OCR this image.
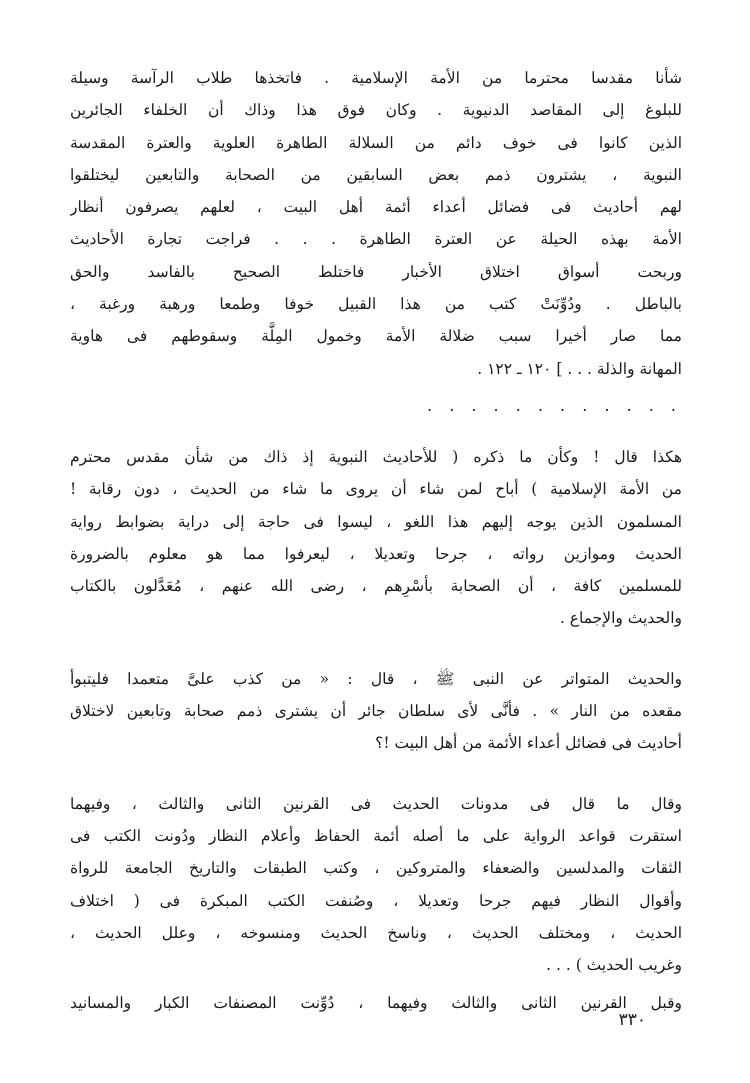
شأنا مقدسا محترما من الأمة الإسلامية . فاتخذها طلاب الرآسة وسيلة
للبلوغ إلى المقاصد الدنيوية . وكان فوق هذا وذاك أن الخلفاء الجائرين
الذين كانوا فى خوف دائم من السلالة الطاهرة العلوية والعترة المقدسة
النبوية ، يشترون ذمم بعض السابقين من الصحابة والتابعين ليختلقوا
لهم أحاديث فى فضائل أعداء أئمة أهل البيت ، لعلهم يصرفون أنظار
الأمة بهذه الحيلة عن العترة الطاهرة . . . فراجت تجارة الأحاديث
وربحت أسواق اختلاق الأخبار فاختلط الصحيح بالفاسد والحق
بالباطل . ودُوِّنَتْ كتب من هذا القبيل خوفا وطمعا ورهبة ورغبة ،
مما صار أخيرا سبب ضلالة الأمة وخمول المِلَّة وسقوطهم فى هاوية
المهانة والذلة . . . ] ١٢٠ ـ ١٢٢ .

. . . . . . . . . . . .

هكذا قال ! وكأن ما ذكره ( للأحاديث النبوية إذ ذاك من شأن مقدس محترم
من الأمة الإسلامية ) أباح لمن شاء أن يروى ما شاء من الحديث ، دون رقابة !
المسلمون الذين يوجه إليهم هذا اللغو ، ليسوا فى حاجة إلى دراية بضوابط رواية
الحديث وموازين رواته ، جرحا وتعديلا ، ليعرفوا مما هو معلوم بالضرورة
للمسلمين كافة ، أن الصحابة بأسْرِهم ، رضى الله عنهم ، مُعَدَّلون بالكتاب
والحديث والإجماع .

والحديث المتواتر عن النبى ﷺ ، قال : « من كذب علىَّ متعمدا فليتبوأ
مقعده من النار » . فأنَّى لأى سلطان جائر أن يشترى ذمم صحابة وتابعين لاختلاق
أحاديث فى فضائل أعداء الأئمة من أهل البيت !؟

وقال ما قال فى مدونات الحديث فى القرنين الثانى والثالث ، وفيهما
استقرت قواعد الرواية على ما أصله أئمة الحفاظ وأعلام النظار ودُونت الكتب فى
الثقات والمدلسين والضعفاء والمتروكين ، وكتب الطبقات والتاريخ الجامعة للرواة
وأقوال النظار فيهم جرحا وتعديلا ، وصُنفت الكتب المبكرة فى ( اختلاف
الحديث ، ومختلف الحديث ، وناسخ الحديث ومنسوخه ، وعلل الحديث ،
وغريب الحديث ) . . .

وقبل القرنين الثانى والثالث وفيهما ، دُوِّنت المصنفات الكبار والمسانيد

٣٣٠
